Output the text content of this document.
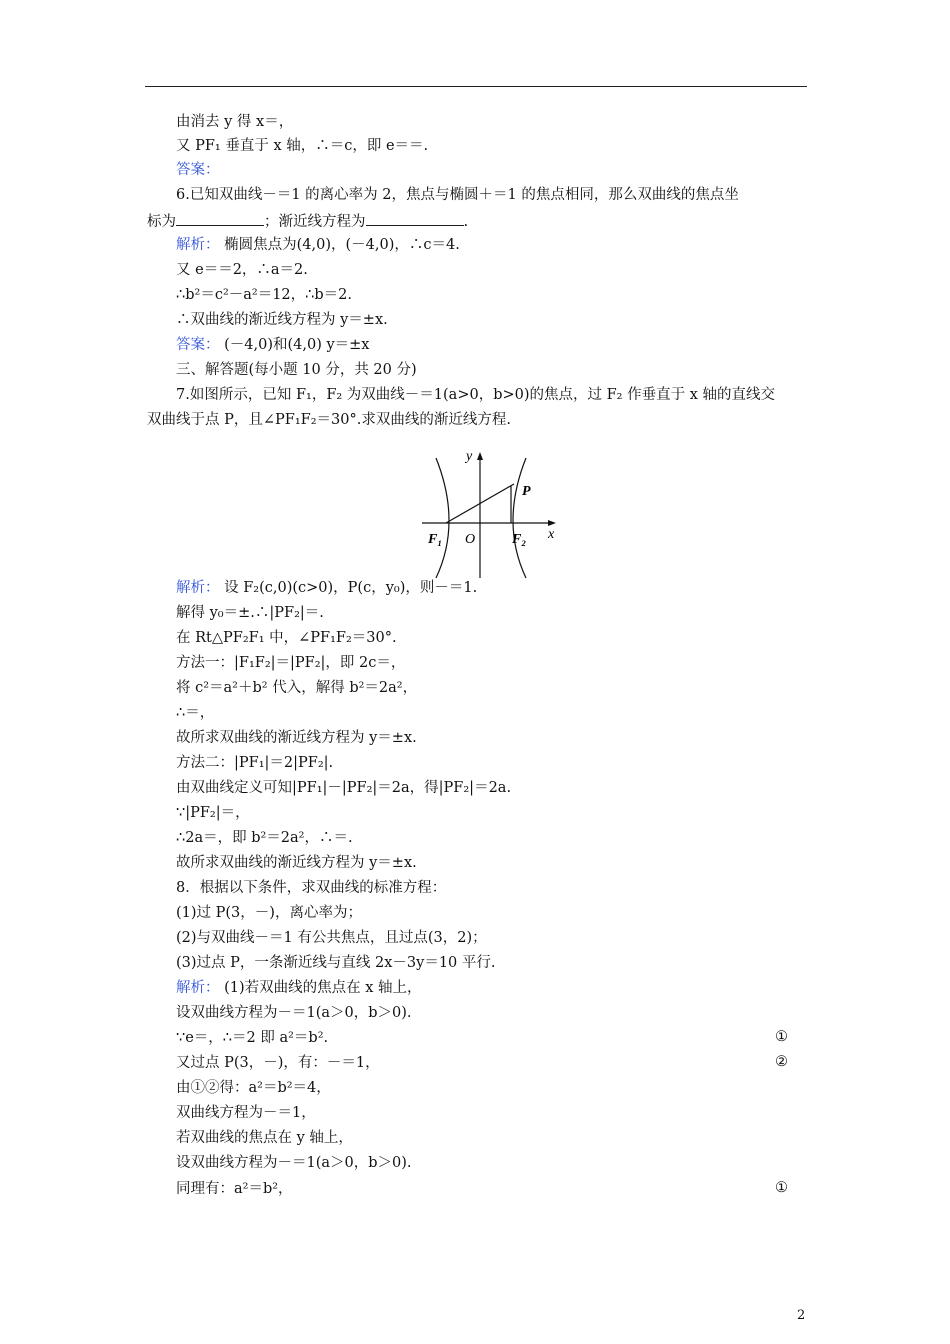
由消去 y 得 x＝，
又 PF₁ 垂直于 x 轴，∴＝c，即 e＝＝.
答案：
6.已知双曲线－＝1 的离心率为 2，焦点与椭圆＋＝1 的焦点相同，那么双曲线的焦点坐
标为	；渐近线方程为	.
解析： 椭圆焦点为(4,0)，(－4,0)，∴c＝4.
又 e＝＝2，∴a＝2.
∴b²＝c²－a²＝12，∴b＝2.
∴双曲线的渐近线方程为 y＝±x.
答案： (－4,0)和(4,0) y＝±x
三、解答题(每小题 10 分，共 20 分)
7.如图所示，已知 F₁，F₂ 为双曲线－＝1(a>0，b>0)的焦点，过 F₂ 作垂直于 x 轴的直线交
双曲线于点 P，且∠PF₁F₂＝30°.求双曲线的渐近线方程.
解析： 设 F₂(c,0)(c>0)，P(c，y₀)，则－＝1.
解得 y₀＝±.∴|PF₂|＝.
在 Rt△PF₂F₁ 中，∠PF₁F₂＝30°.
方法一：|F₁F₂|＝|PF₂|，即 2c＝，
将 c²＝a²＋b² 代入，解得 b²＝2a²，
∴＝，
故所求双曲线的渐近线方程为 y＝±x.
方法二：|PF₁|＝2|PF₂|.
由双曲线定义可知|PF₁|－|PF₂|＝2a，得|PF₂|＝2a.
∵|PF₂|＝，
∴2a＝，即 b²＝2a²，∴＝.
故所求双曲线的渐近线方程为 y＝±x.
8．根据以下条件，求双曲线的标准方程：
(1)过 P(3，－)，离心率为；
(2)与双曲线－＝1 有公共焦点，且过点(3，2)；
(3)过点 P，一条渐近线与直线 2x－3y＝10 平行.
解析： (1)若双曲线的焦点在 x 轴上，
设双曲线方程为－＝1(a＞0，b＞0).
∵e＝，∴＝2 即 a²＝b².
又过点 P(3，－)，有：－＝1，
由①②得：a²＝b²＝4，
双曲线方程为－＝1，
若双曲线的焦点在 y 轴上，
设双曲线方程为－＝1(a＞0，b＞0).
同理有：a²＝b²，
①
②
①
y
x
P
F₁ O	F₂
2
